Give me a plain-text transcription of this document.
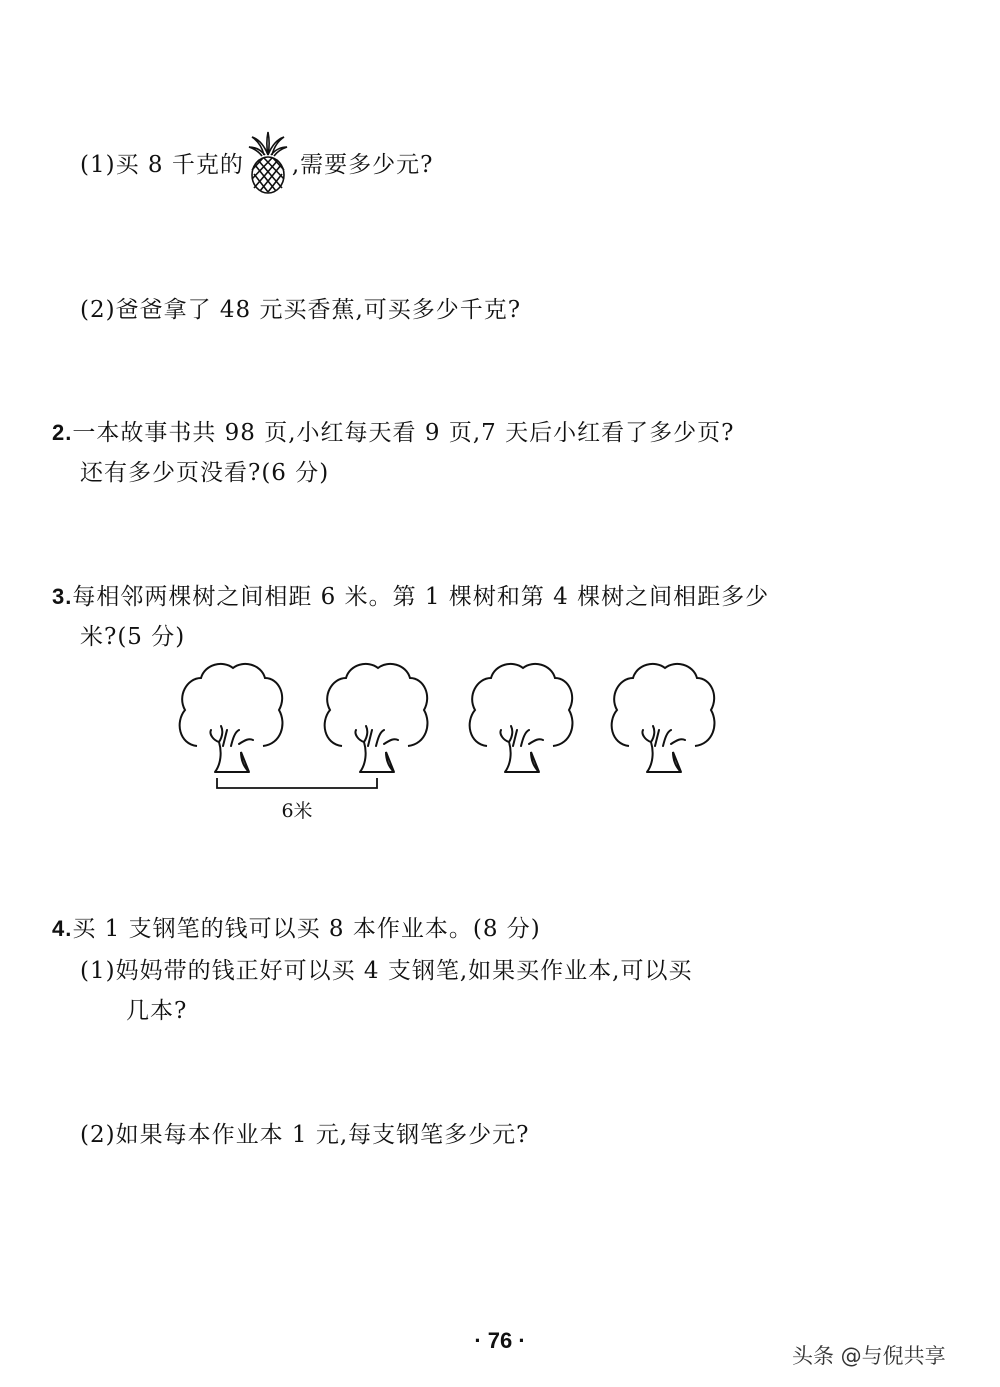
(1)买 8 千克的 ,需要多少元?
(2)爸爸拿了 48 元买香蕉,可买多少千克?
2.一本故事书共 98 页,小红每天看 9 页,7 天后小红看了多少页?
还有多少页没看?(6 分)
3.每相邻两棵树之间相距 6 米。第 1 棵树和第 4 棵树之间相距多少
米?(5 分)
6米
4.买 1 支钢笔的钱可以买 8 本作业本。(8 分)
(1)妈妈带的钱正好可以买 4 支钢笔,如果买作业本,可以买
几本?
(2)如果每本作业本 1 元,每支钢笔多少元?
· 76 ·
头条 @与倪共享
